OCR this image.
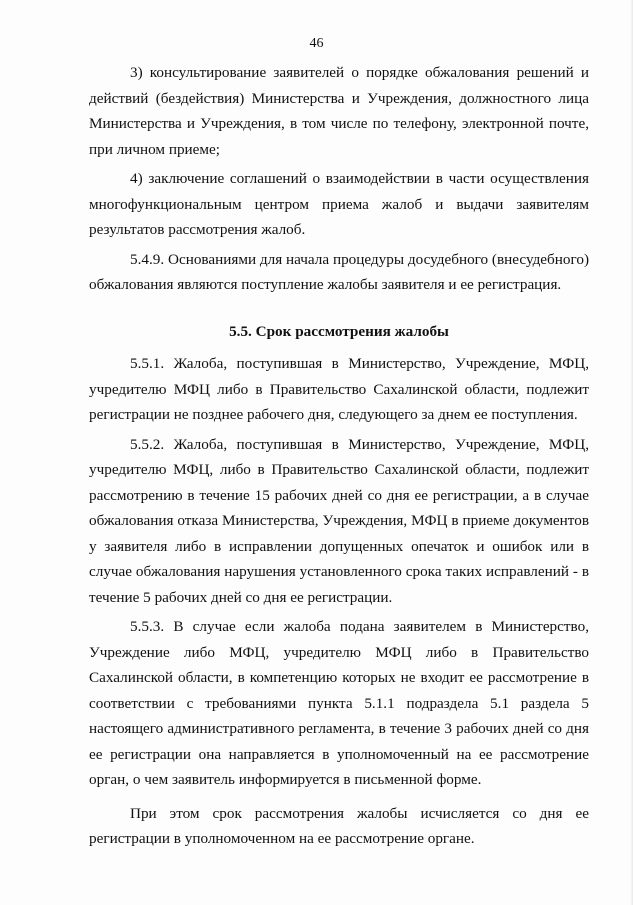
46

3) консультирование заявителей о порядке обжалования решений и действий (бездействия) Министерства и Учреждения, должностного лица Министерства и Учреждения, в том числе по телефону, электронной почте, при личном приеме;

4) заключение соглашений о взаимодействии в части осуществления многофункциональным центром приема жалоб и выдачи заявителям результатов рассмотрения жалоб.

5.4.9. Основаниями для начала процедуры досудебного (внесудебного) обжалования являются поступление жалобы заявителя и ее регистрация.

5.5. Срок рассмотрения жалобы

5.5.1. Жалоба, поступившая в Министерство, Учреждение, МФЦ, учредителю МФЦ либо в Правительство Сахалинской области, подлежит регистрации не позднее рабочего дня, следующего за днем ее поступления.

5.5.2. Жалоба, поступившая в Министерство, Учреждение, МФЦ, учредителю МФЦ, либо в Правительство Сахалинской области, подлежит рассмотрению в течение 15 рабочих дней со дня ее регистрации, а в случае обжалования отказа Министерства, Учреждения, МФЦ в приеме документов у заявителя либо в исправлении допущенных опечаток и ошибок или в случае обжалования нарушения установленного срока таких исправлений - в течение 5 рабочих дней со дня ее регистрации.

5.5.3. В случае если жалоба подана заявителем в Министерство, Учреждение либо МФЦ, учредителю МФЦ либо в Правительство Сахалинской области, в компетенцию которых не входит ее рассмотрение в соответствии с требованиями пункта 5.1.1 подраздела 5.1 раздела 5 настоящего административного регламента, в течение 3 рабочих дней со дня ее регистрации она направляется в уполномоченный на ее рассмотрение орган, о чем заявитель информируется в письменной форме.

При этом срок рассмотрения жалобы исчисляется со дня ее регистрации в уполномоченном на ее рассмотрение органе.
